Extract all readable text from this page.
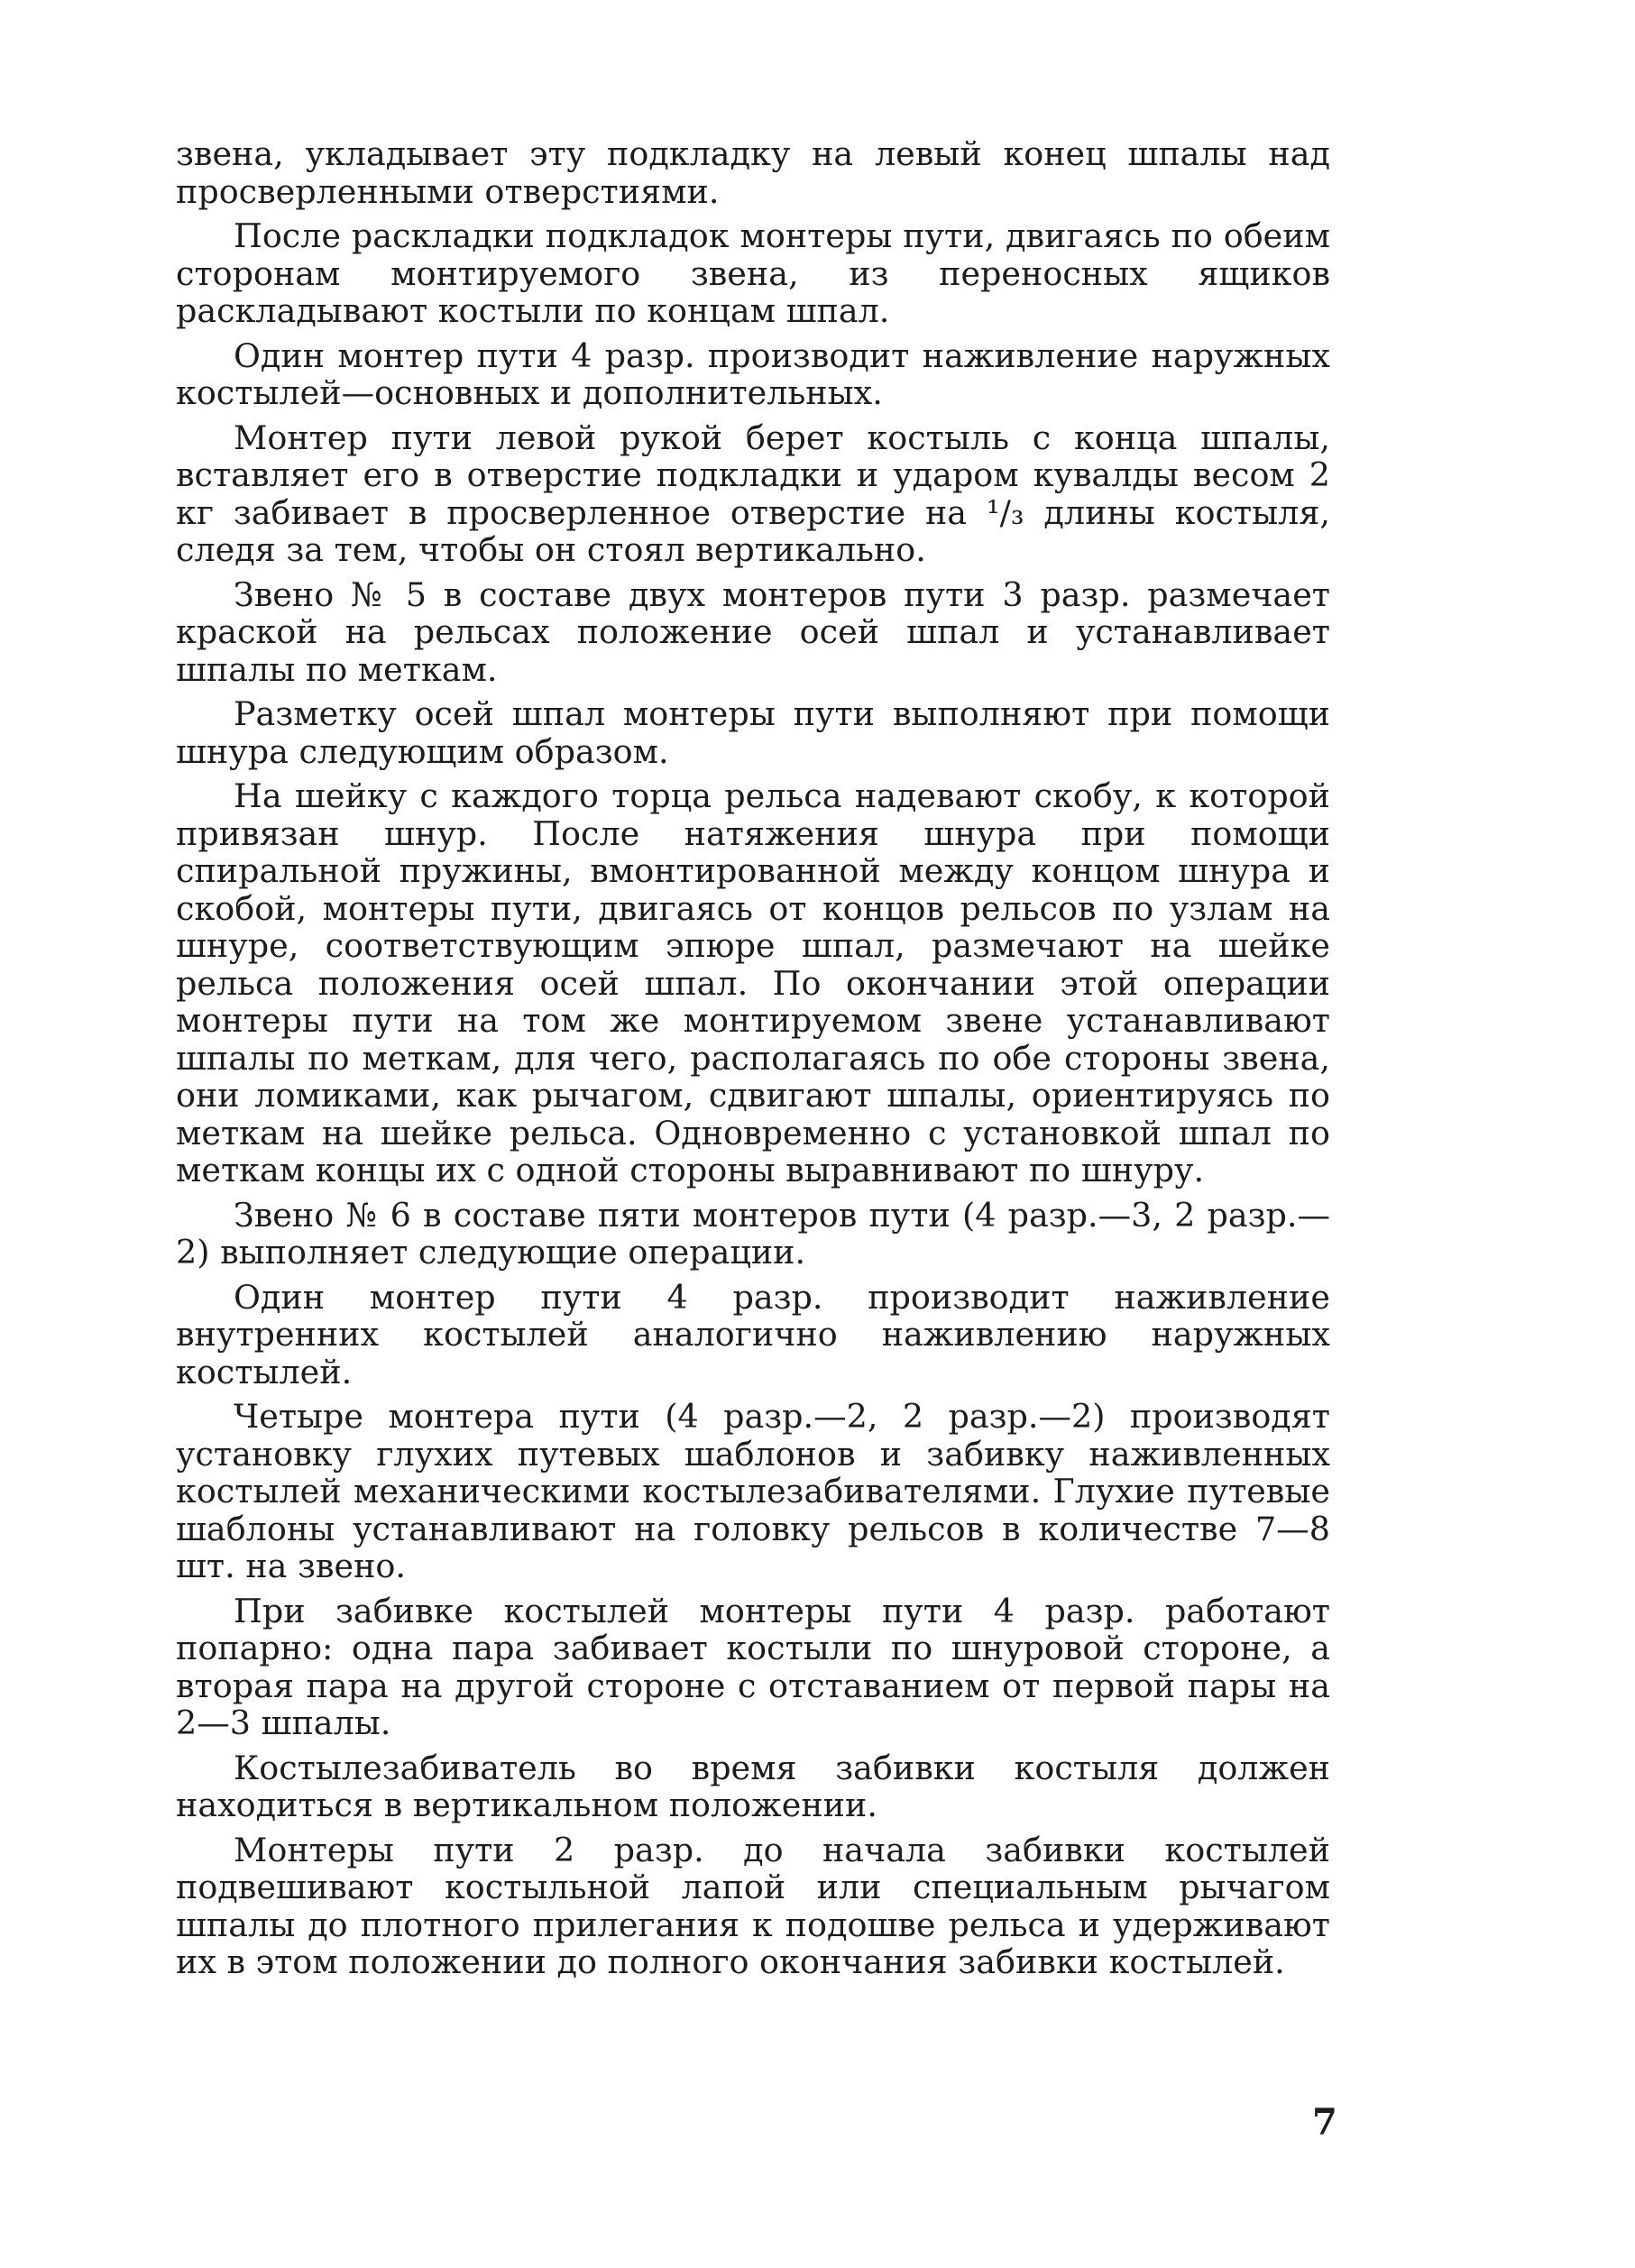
звена, укладывает эту подкладку на левый конец шпалы над просверленными отверстиями.

После раскладки подкладок монтеры пути, двигаясь по обеим сторонам монтируемого звена, из переносных ящиков раскладывают костыли по концам шпал.

Один монтер пути 4 разр. производит наживление наружных костылей—основных и дополнительных.

Монтер пути левой рукой берет костыль с конца шпалы, вставляет его в отверстие подкладки и ударом кувалды весом 2 кг забивает в просверленное отверстие на ¹/₃ длины костыля, следя за тем, чтобы он стоял вертикально.

Звено № 5 в составе двух монтеров пути 3 разр. размечает краской на рельсах положение осей шпал и устанавливает шпалы по меткам.

Разметку осей шпал монтеры пути выполняют при помощи шнура следующим образом.

На шейку с каждого торца рельса надевают скобу, к которой привязан шнур. После натяжения шнура при помощи спиральной пружины, вмонтированной между концом шнура и скобой, монтеры пути, двигаясь от концов рельсов по узлам на шнуре, соответствующим эпюре шпал, размечают на шейке рельса положения осей шпал. По окончании этой операции монтеры пути на том же монтируемом звене устанавливают шпалы по меткам, для чего, располагаясь по обе стороны звена, они ломиками, как рычагом, сдвигают шпалы, ориентируясь по меткам на шейке рельса. Одновременно с установкой шпал по меткам концы их с одной стороны выравнивают по шнуру.

Звено № 6 в составе пяти монтеров пути (4 разр.—3, 2 разр.—2) выполняет следующие операции.

Один монтер пути 4 разр. производит наживление внутренних костылей аналогично наживлению наружных костылей.

Четыре монтера пути (4 разр.—2, 2 разр.—2) производят установку глухих путевых шаблонов и забивку наживленных костылей механическими костылезабивателями. Глухие путевые шаблоны устанавливают на головку рельсов в количестве 7—8 шт. на звено.

При забивке костылей монтеры пути 4 разр. работают попарно: одна пара забивает костыли по шнуровой стороне, а вторая пара на другой стороне с отставанием от первой пары на 2—3 шпалы.

Костылезабиватель во время забивки костыля должен находиться в вертикальном положении.

Монтеры пути 2 разр. до начала забивки костылей подвешивают костыльной лапой или специальным рычагом шпалы до плотного прилегания к подошве рельса и удерживают их в этом положении до полного окончания забивки костылей.

7
